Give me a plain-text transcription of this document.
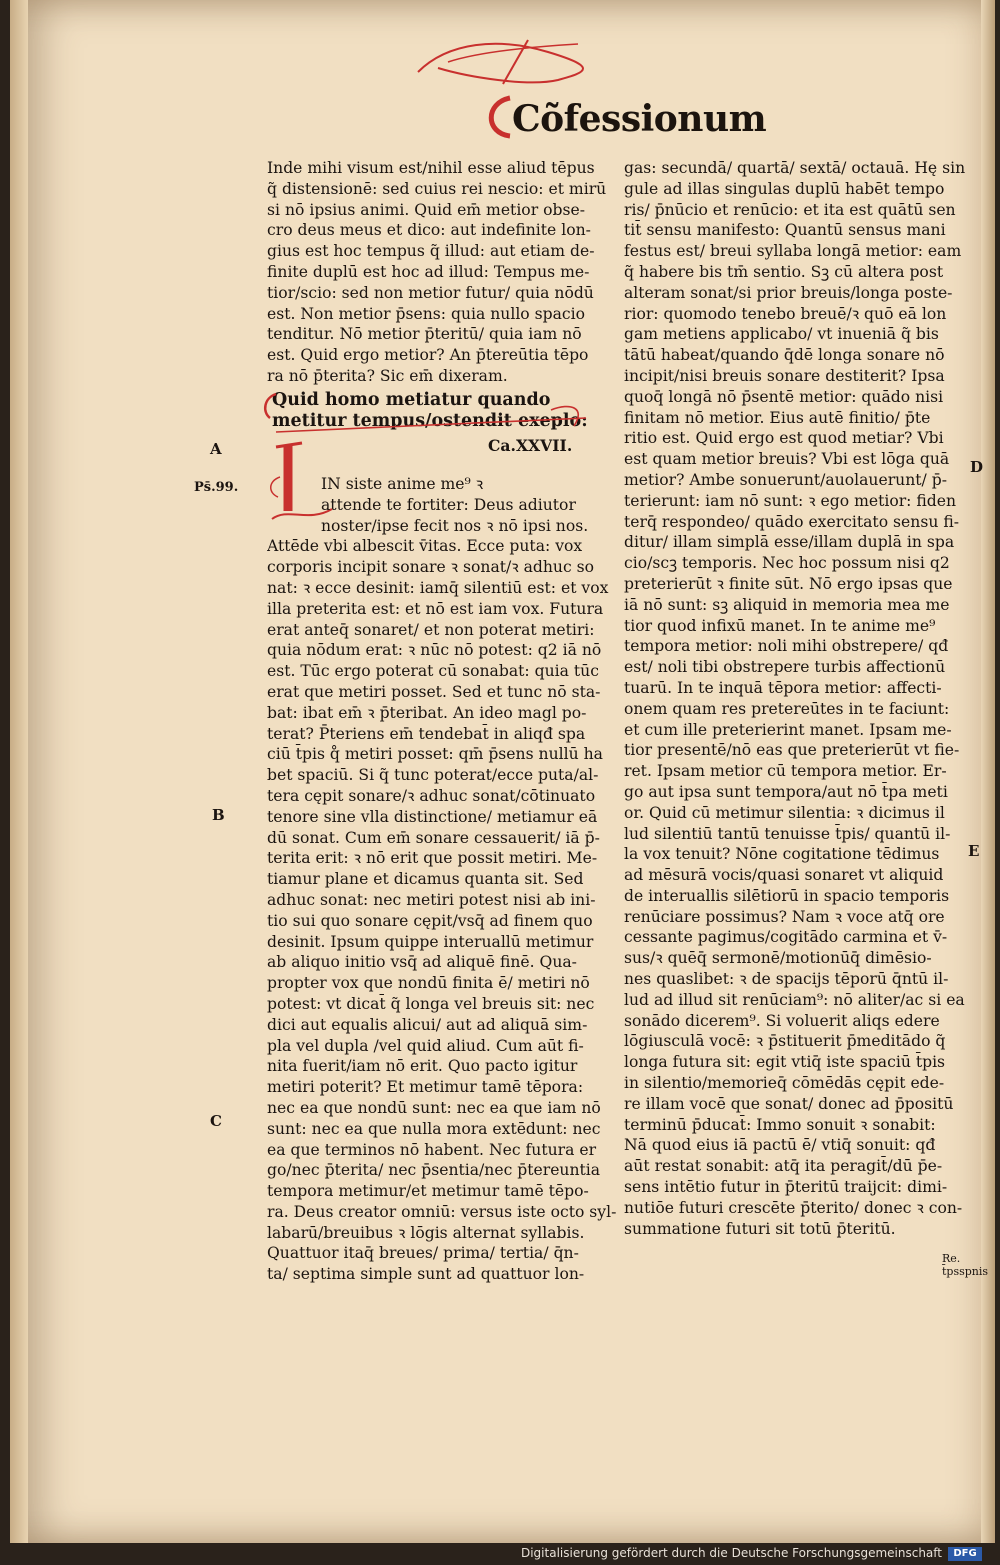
Cõfessionum
Inde mihi visum est/nihil esse aliud tēpus
q̃ distensionē: sed cuius rei nescio: et mirū
si nō ipsius animi. Quid em̄ metior obse-
cro deus meus et dico: aut indefinite lon-
gius est hoc tempus q̃ illud: aut etiam de-
finite duplū est hoc ad illud: Tempus me-
tior/scio: sed non metior futur/ quia nōdū
est. Non metior p̄sens: quia nullo spacio
tenditur. Nō metior p̄teritū/ quia iam nō
est. Quid ergo metior? An p̄tereūtia tēpo
ra nō p̄terita? Sic em̄ dixeram.
Quid homo metiatur quando
metitur tempus/ostendit exeplo:
Ca.XXVII.
IN siste anime me⁹ ꝛ
attende te fortiter: Deus adiutor
noster/ipse fecit nos ꝛ nō ipsi nos.
Attēde vbi albescit v̄itas. Ecce puta: vox
corporis incipit sonare ꝛ sonat/ꝛ adhuc so
nat: ꝛ ecce desinit: iamq̄ silentiū est: et vox
illa preterita est: et nō est iam vox. Futura
erat anteq̄ sonaret/ et non poterat metiri:
quia nōdum erat: ꝛ nūc nō potest: q2 iā nō
est. Tūc ergo poterat cū sonabat: quia tūc
erat que metiri posset. Sed et tunc nō sta-
bat: ibat em̄ ꝛ p̄teribat. An ideo magl po-
terat? P̄teriens em̄ tendebat̄ in aliqđ spa
ciū t̄pis q̊ metiri posset: qm̄ p̄sens nullū ha
bet spaciū. Si q̃ tunc poterat/ecce puta/al-
tera cępit sonare/ꝛ adhuc sonat/cōtinuato
tenore sine vlla distinctione/ metiamur eā
dū sonat. Cum em̄ sonare cessauerit/ iā p̄-
terita erit: ꝛ nō erit que possit metiri. Me-
tiamur plane et dicamus quanta sit. Sed
adhuc sonat: nec metiri potest nisi ab ini-
tio sui quo sonare cępit/vsq̄ ad finem quo
desinit. Ipsum quippe interuallū metimur
ab aliquo initio vsq̄ ad aliquē finē. Qua-
propter vox que nondū finita ē/ metiri nō
potest: vt dicat̄ q̃ longa vel breuis sit: nec
dici aut equalis alicui/ aut ad aliquā sim-
pla vel dupla /vel quid aliud. Cum aūt fi-
nita fuerit/iam nō erit. Quo pacto igitur
metiri poterit? Et metimur tamē tēpora:
nec ea que nondū sunt: nec ea que iam nō
sunt: nec ea que nulla mora extēdunt: nec
ea que terminos nō habent. Nec futura er
go/nec p̄terita/ nec p̄sentia/nec p̄tereuntia
tempora metimur/et metimur tamē tēpo-
ra. Deus creator omniū: versus iste octo syl-
labarū/breuibus ꝛ lōgis alternat syllabis.
Quattuor itaq̄ breues/ prima/ tertia/ q̄n-
ta/ septima simple sunt ad quattuor lon-
gas: secundā/ quartā/ sextā/ octauā. Hę sin
gule ad illas singulas duplū habēt tempo
ris/ p̄nūcio et renūcio: et ita est quātū sen
tit̄ sensu manifesto: Quantū sensus mani
festus est/ breui syllaba longā metior: eam
q̃ habere bis tm̄ sentio. Sꝫ cū altera post
alteram sonat/si prior breuis/longa poste-
rior: quomodo tenebo breuē/ꝛ quō eā lon
gam metiens applicabo/ vt inueniā q̃ bis
tātū habeat/quando q̄dē longa sonare nō
incipit/nisi breuis sonare destiterit? Ipsa
quoq̄ longā nō p̄sentē metior: quādo nisi
finitam nō metior. Eius autē finitio/ p̄te
ritio est. Quid ergo est quod metiar? Vbi
est quam metior breuis? Vbi est lōga quā
metior? Ambe sonuerunt/auolauerunt/ p̄-
terierunt: iam nō sunt: ꝛ ego metior: fiden
terq̄ respondeo/ quādo exercitato sensu fi-
ditur/ illam simplā esse/illam duplā in spa
cio/scꝫ temporis. Nec hoc possum nisi q2
preterierūt ꝛ finite sūt. Nō ergo ipsas que
iā nō sunt: sꝫ aliquid in memoria mea me
tior quod infixū manet. In te anime me⁹
tempora metior: noli mihi obstrepere/ qđ
est/ noli tibi obstrepere turbis affectionū
tuarū. In te inquā tēpora metior: affecti-
onem quam res pretereūtes in te faciunt:
et cum ille preterierint manet. Ipsam me-
tior presentē/nō eas que preterierūt vt fie-
ret. Ipsam metior cū tempora metior. Er-
go aut ipsa sunt tempora/aut nō t̄pa meti
or. Quid cū metimur silentia: ꝛ dicimus il
lud silentiū tantū tenuisse t̄pis/ quantū il-
la vox tenuit? Nōne cogitatione tēdimus
ad mēsurā vocis/quasi sonaret vt aliquid
de interuallis silētiorū in spacio temporis
renūciare possimus? Nam ꝛ voce atq̄ ore
cessante pagimus/cogitādo carmina et v̄-
sus/ꝛ quēq̄ sermonē/motionūq̄ dimēsio-
nes quaslibet: ꝛ de spacijs tēporū q̄ntū il-
lud ad illud sit renūciam⁹: nō aliter/ac si ea
sonādo dicerem⁹. Si voluerit aliqs edere
lōgiusculā vocē: ꝛ p̄stituerit p̄meditādo q̃
longa futura sit: egit vtiq̄ iste spaciū t̄pis
in silentio/memorieq̄ cōmēdās cępit ede-
re illam vocē que sonat/ donec ad p̄positū
terminū p̄ducat̄: Immo sonuit ꝛ sonabit:
Nā quod eius iā pactū ē/ vtiq̄ sonuit: qđ
aūt restat sonabit: atq̄ ita peragit̄/dū p̄e-
sens intētio futur in p̄teritū traijcit: dimi-
nutiōe futuri crescēte p̄terito/ donec ꝛ con-
summatione futuri sit totū p̄teritū.
A
Ps̄.99.
B
C
D
E
Re. t̄psspnis
Digitalisierung gefördert durch die Deutsche Forschungsgemeinschaft	DFG
